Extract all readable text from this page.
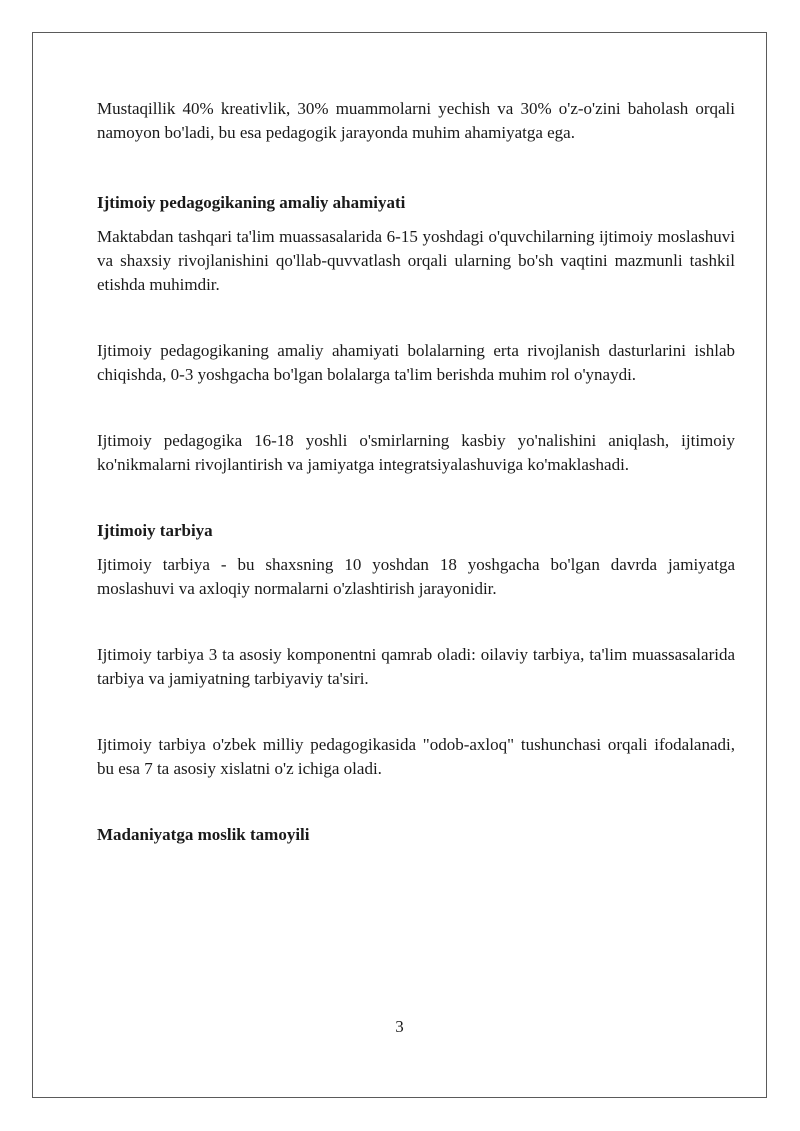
Mustaqillik 40% kreativlik, 30% muammolarni yechish va 30% o'z-o'zini baholash orqali namoyon bo'ladi, bu esa pedagogik jarayonda muhim ahamiyatga ega.

Ijtimoiy pedagogikaning amaliy ahamiyati

Maktabdan tashqari ta'lim muassasalarida 6-15 yoshdagi o'quvchilarning ijtimoiy moslashuvi va shaxsiy rivojlanishini qo'llab-quvvatlash orqali ularning bo'sh vaqtini mazmunli tashkil etishda muhimdir.

Ijtimoiy pedagogikaning amaliy ahamiyati bolalarning erta rivojlanish dasturlarini ishlab chiqishda, 0-3 yoshgacha bo'lgan bolalarga ta'lim berishda muhim rol o'ynaydi.

Ijtimoiy pedagogika 16-18 yoshli o'smirlarning kasbiy yo'nalishini aniqlash, ijtimoiy ko'nikmalarni rivojlantirish va jamiyatga integratsiyalashuviga ko'maklashadi.

Ijtimoiy tarbiya

Ijtimoiy tarbiya - bu shaxsning 10 yoshdan 18 yoshgacha bo'lgan davrda jamiyatga moslashuvi va axloqiy normalarni o'zlashtirish jarayonidir.

Ijtimoiy tarbiya 3 ta asosiy komponentni qamrab oladi: oilaviy tarbiya, ta'lim muassasalarida tarbiya va jamiyatning tarbiyaviy ta'siri.

Ijtimoiy tarbiya o'zbek milliy pedagogikasida "odob-axloq" tushunchasi orqali ifodalanadi, bu esa 7 ta asosiy xislatni o'z ichiga oladi.

Madaniyatga moslik tamoyili

3
